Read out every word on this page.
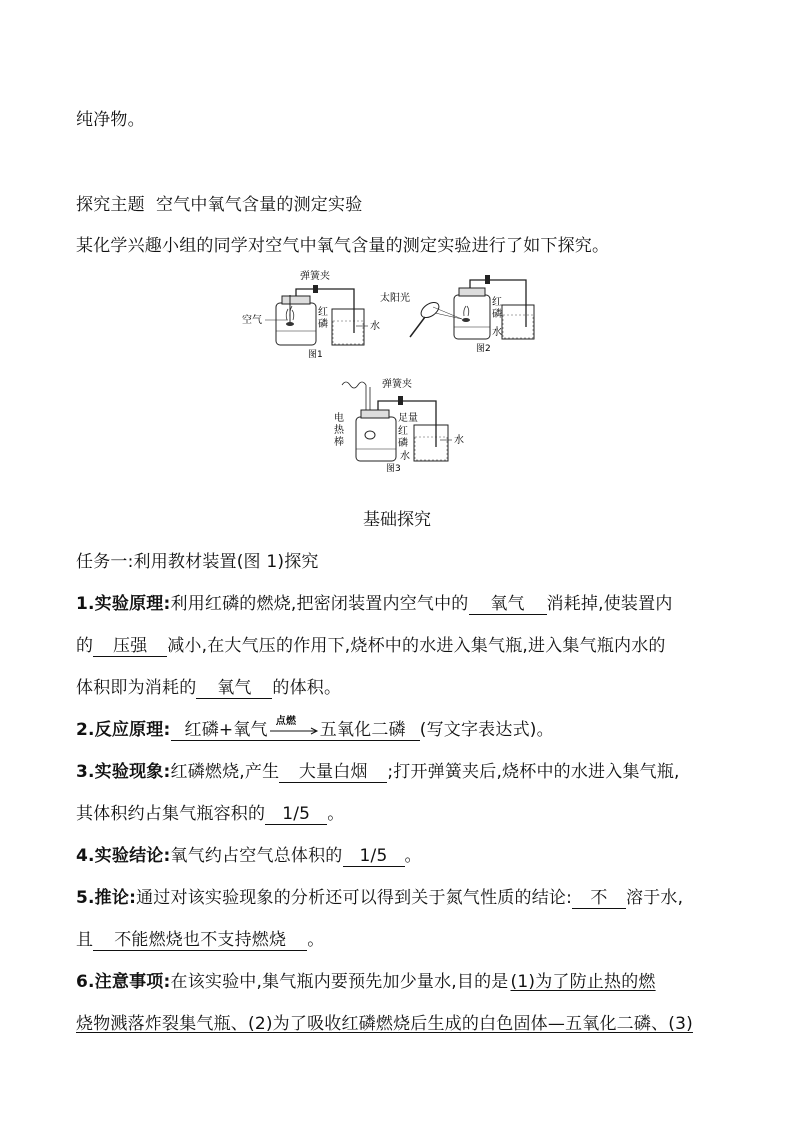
纯净物。
探究主题  空气中氧气含量的测定实验
某化学兴趣小组的同学对空气中氧气含量的测定实验进行了如下探究。
弹簧夹
空气
红
磷	水
图1
太阳光	红
磷
水
图2
弹簧夹
电
热
棒
足量
红
磷
水
水
图3
基础探究
任务一:利用教材装置(图 1)探究
1.实验原理:利用红磷的燃烧,把密闭装置内空气中的 氧气 消耗掉,使装置内
的 压强 减小,在大气压的作用下,烧杯中的水进入集气瓶,进入集气瓶内水的
体积即为消耗的 氧气 的体积。
2.反应原理: 红磷+氧气 点燃 五氧化二磷 (写文字表达式)。
3.实验现象:红磷燃烧,产生 大量白烟 ;打开弹簧夹后,烧杯中的水进入集气瓶,
其体积约占集气瓶容积的 1/5 。
4.实验结论:氧气约占空气总体积的 1/5 。
5.推论:通过对该实验现象的分析还可以得到关于氮气性质的结论: 不 溶于水,
且 不能燃烧也不支持燃烧 。
6.注意事项:在该实验中,集气瓶内要预先加少量水,目的是 (1)为了防止热的燃
烧物溅落炸裂集气瓶、(2)为了吸收红磷燃烧后生成的白色固体—五氧化二磷、(3)
